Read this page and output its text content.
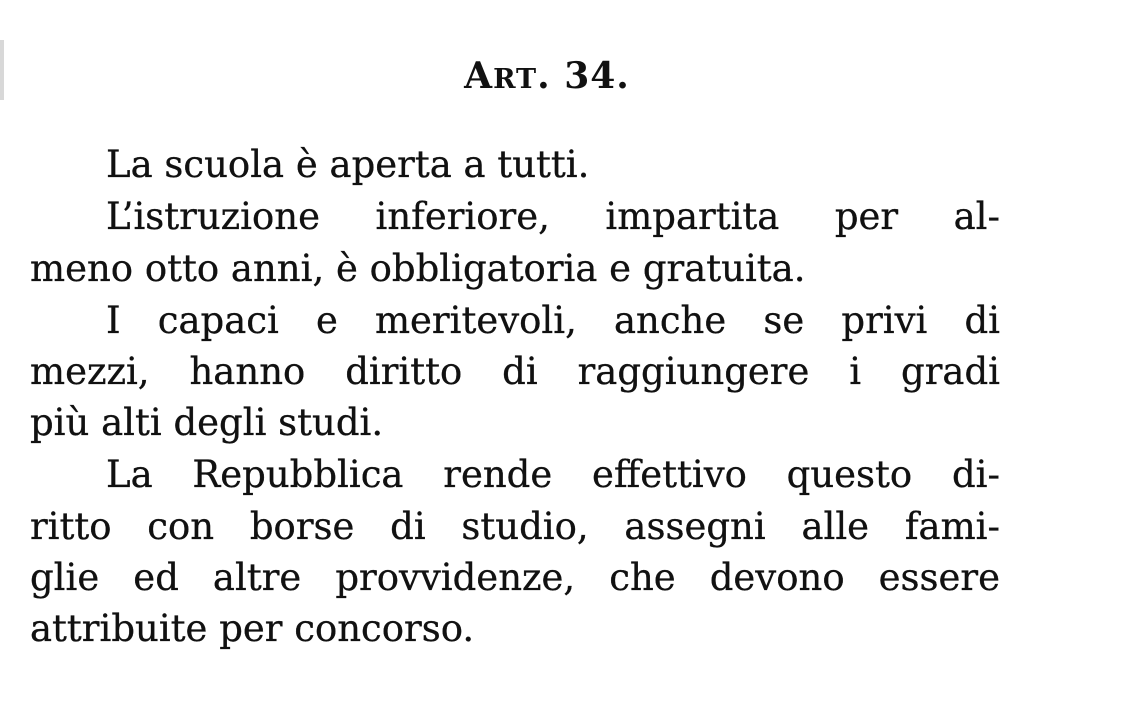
ART. 34.
La scuola è aperta a tutti.
L’istruzione inferiore, impartita per al-
meno otto anni, è obbligatoria e gratuita.
I capaci e meritevoli, anche se privi di
mezzi, hanno diritto di raggiungere i gradi
più alti degli studi.
La Repubblica rende effettivo questo di-
ritto con borse di studio, assegni alle fami-
glie ed altre provvidenze, che devono essere
attribuite per concorso.
